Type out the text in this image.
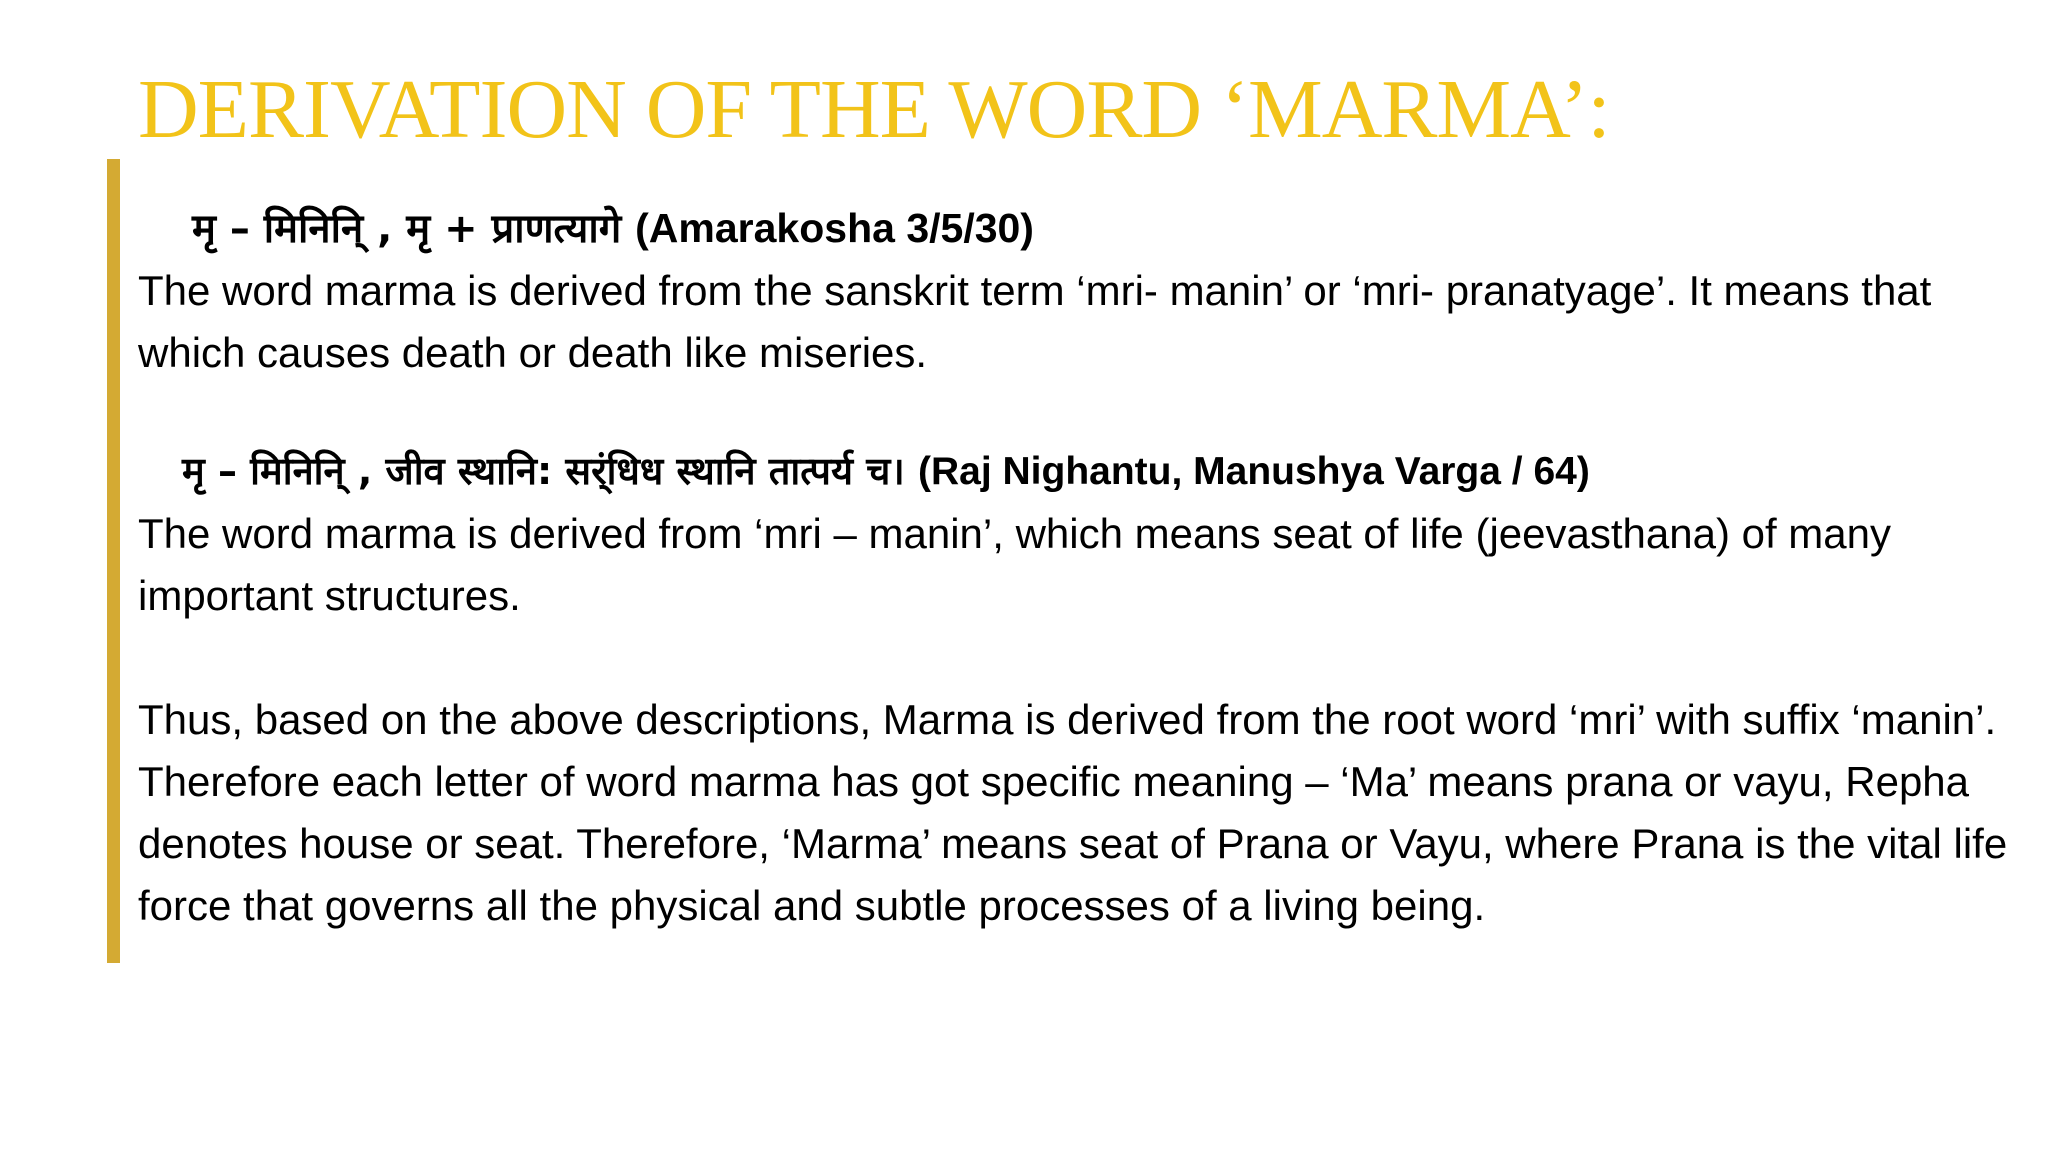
DERIVATION OF THE WORD ‘MARMA’:

मृ – मिनिनि् , मृ + प्राणत्यागे (Amarakosha 3/5/30)

The word marma is derived from the sanskrit term ‘mri- manin’ or ‘mri- pranatyage’. It means that which causes death or death like miseries.

मृ – मिनिनि् , जीव स्थानि: सर्ंधिध स्थानि तात्पर्य च। (Raj Nighantu, Manushya Varga / 64)

The word marma is derived from ‘mri – manin’, which means seat of life (jeevasthana) of many important structures.

Thus, based on the above descriptions, Marma is derived from the root word ‘mri’ with suffix ‘manin’. Therefore each letter of word marma has got specific meaning – ‘Ma’ means prana or vayu, Repha denotes house or seat. Therefore, ‘Marma’ means seat of Prana or Vayu, where Prana is the vital life force that governs all the physical and subtle processes of a living being.
